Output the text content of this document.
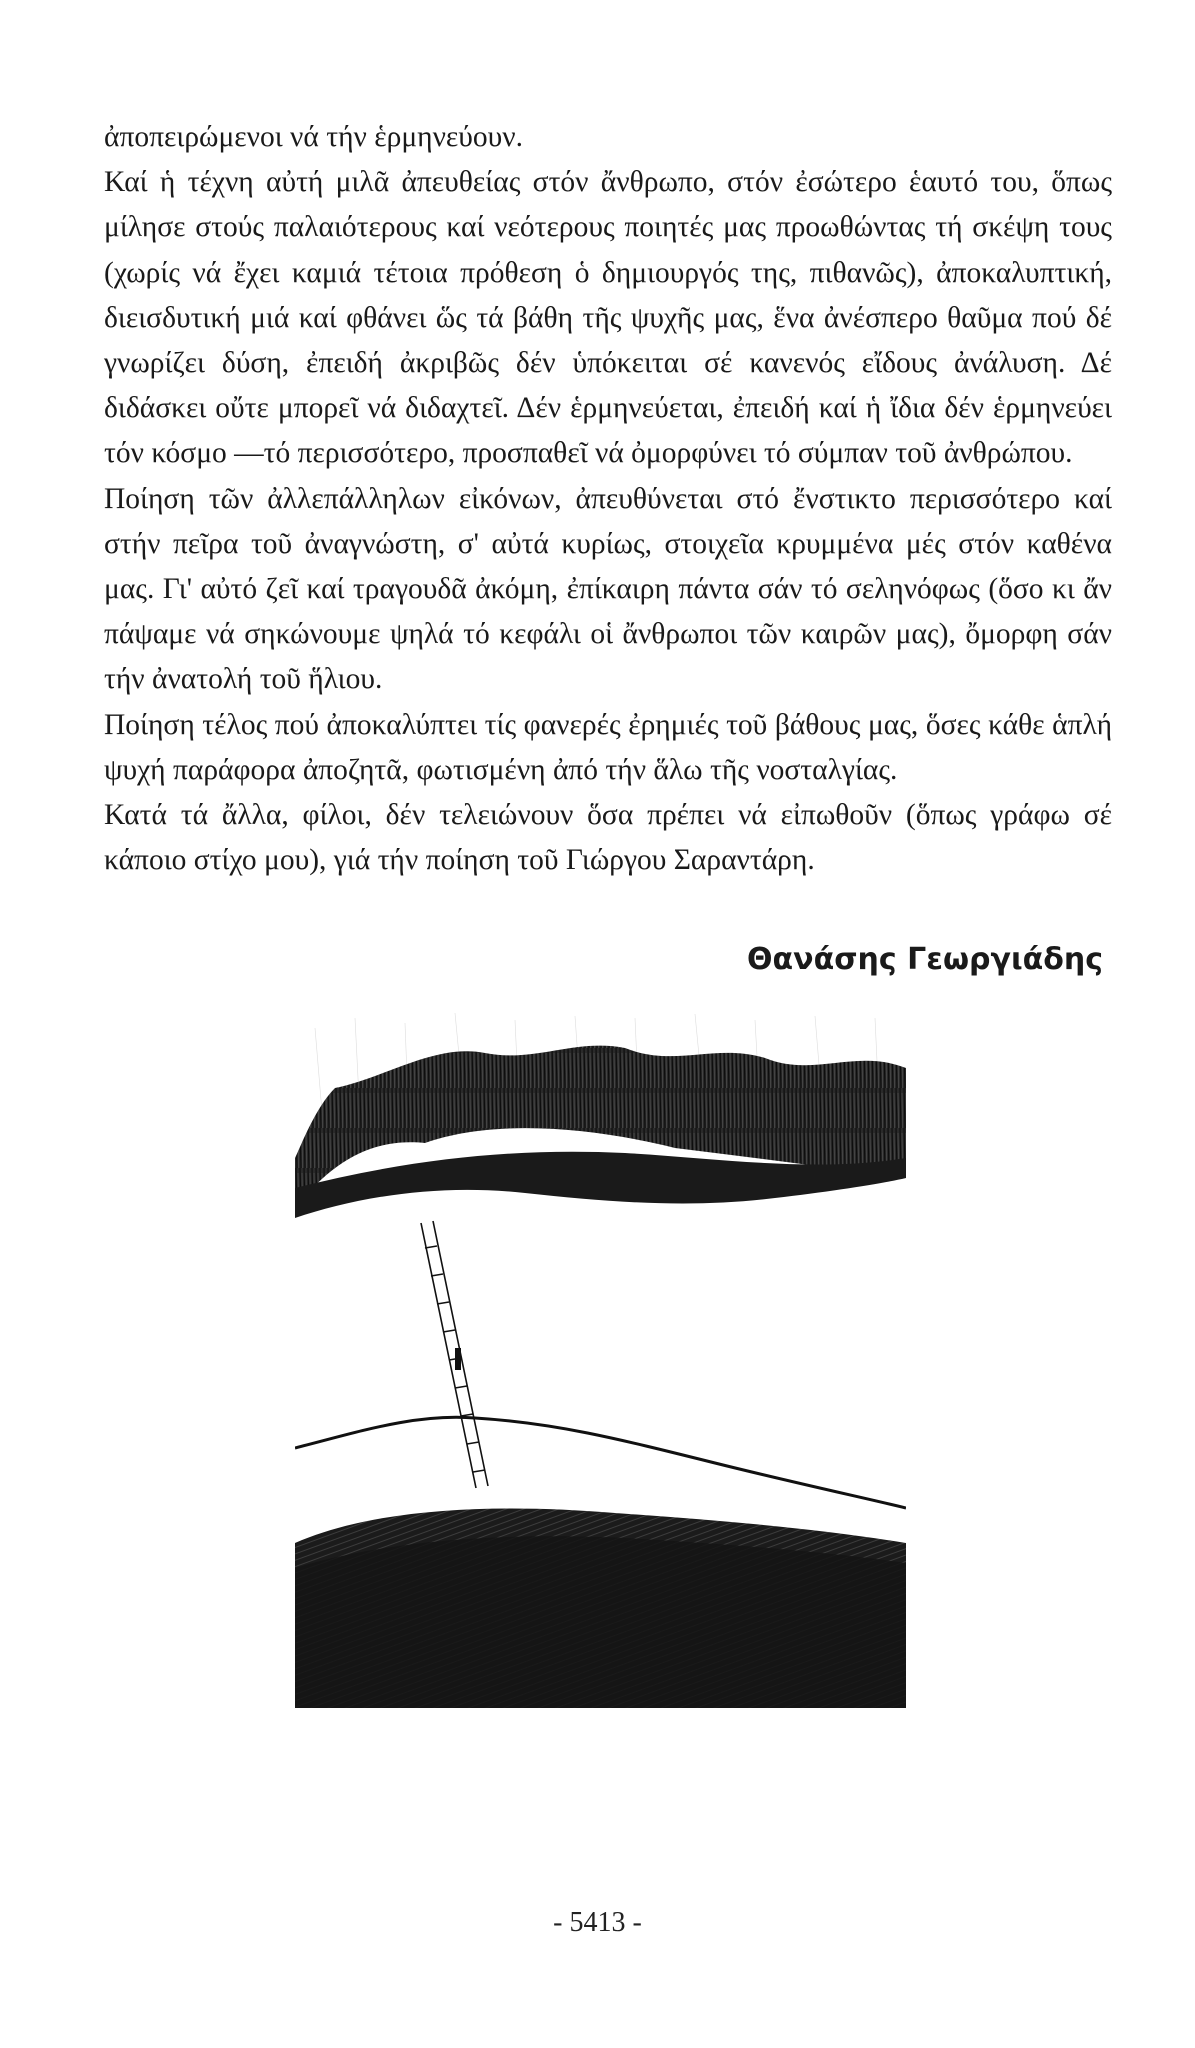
ἀποπειρώμενοι νά τήν ἑρμηνεύουν.

Καί ἡ τέχνη αὐτή μιλᾶ ἀπευθείας στόν ἄνθρωπο, στόν ἐσώτερο ἑαυτό του, ὅπως μίλησε στούς παλαιότερους καί νεότερους ποιητές μας προωθώντας τή σκέψη τους (χωρίς νά ἔχει καμιά τέτοια πρόθεση ὁ δημιουργός της, πιθανῶς), ἀποκαλυπτική, διεισδυτική μιά καί φθάνει ὥς τά βάθη τῆς ψυχῆς μας, ἕνα ἀνέσπερο θαῦμα πού δέ γνωρίζει δύση, ἐπειδή ἀκριβῶς δέν ὑπόκειται σέ κανενός εἴδους ἀνάλυση. Δέ διδάσκει οὔτε μπορεῖ νά διδαχτεῖ. Δέν ἑρμηνεύεται, ἐπειδή καί ἡ ἴδια δέν ἑρμηνεύει τόν κόσμο —τό περισσότερο, προσπαθεῖ νά ὀμορφύνει τό σύμπαν τοῦ ἀνθρώπου.

Ποίηση τῶν ἀλλεπάλληλων εἰκόνων, ἀπευθύνεται στό ἔνστικτο περισσότερο καί στήν πεῖρα τοῦ ἀναγνώστη, σ' αὐτά κυρίως, στοιχεῖα κρυμμένα μές στόν καθένα μας. Γι' αὐτό ζεῖ καί τραγουδᾶ ἀκόμη, ἐπίκαιρη πάντα σάν τό σεληνόφως (ὅσο κι ἄν πάψαμε νά σηκώνουμε ψηλά τό κεφάλι οἱ ἄνθρωποι τῶν καιρῶν μας), ὄμορφη σάν τήν ἀνατολή τοῦ ἥλιου.

Ποίηση τέλος πού ἀποκαλύπτει τίς φανερές ἐρημιές τοῦ βάθους μας, ὅσες κάθε ἁπλή ψυχή παράφορα ἀποζητᾶ, φωτισμένη ἀπό τήν ἅλω τῆς νοσταλγίας.

Κατά τά ἄλλα, φίλοι, δέν τελειώνουν ὅσα πρέπει νά εἰπωθοῦν (ὅπως γράφω σέ κάποιο στίχο μου), γιά τήν ποίηση τοῦ Γιώργου Σαραντάρη.

Θανάσης Γεωργιάδης
- 5413 -
